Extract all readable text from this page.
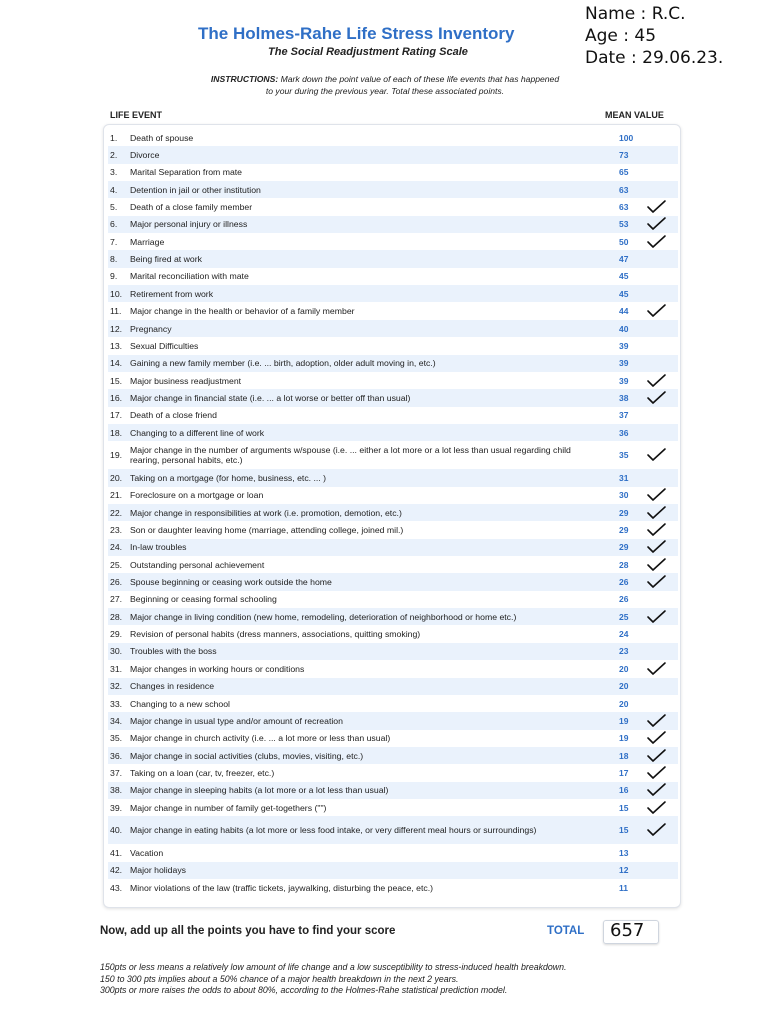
The Holmes-Rahe Life Stress Inventory
The Social Readjustment Rating Scale
INSTRUCTIONS: Mark down the point value of each of these life events that has happened
to your during the previous year. Total these associated points.
Name : R.C.
Age : 45
Date : 29.06.23.
LIFE EVENT	MEAN VALUE
1.	Death of spouse	100
2.	Divorce	73
3.	Marital Separation from mate	65
4.	Detention in jail or other institution	63
5.	Death of a close family member	63
6.	Major personal injury or illness	53
7.	Marriage	50
8.	Being fired at work	47
9.	Marital reconciliation with mate	45
10. Retirement from work	45
11. Major change in the health or behavior of a family member	44
12. Pregnancy	40
13. Sexual Difficulties	39
14. Gaining a new family member (i.e. ... birth, adoption, older adult moving in, etc.)	39
15. Major business readjustment	39
16. Major change in financial state (i.e. ... a lot worse or better off than usual)	38
17. Death of a close friend	37
18. Changing to a different line of work	36
19. Major change in the number of arguments w/spouse (i.e. ... either a lot more or a lot less than usual regarding child rearing, personal habits, etc.)	35
20. Taking on a mortgage (for home, business, etc. ... )	31
21. Foreclosure on a mortgage or loan	30
22. Major change in responsibilities at work (i.e. promotion, demotion, etc.)	29
23. Son or daughter leaving home (marriage, attending college, joined mil.)	29
24. In-law troubles	29
25. Outstanding personal achievement	28
26. Spouse beginning or ceasing work outside the home	26
27. Beginning or ceasing formal schooling	26
28. Major change in living condition (new home, remodeling, deterioration of neighborhood or home etc.)	25
29. Revision of personal habits (dress manners, associations, quitting smoking)	24
30. Troubles with the boss	23
31. Major changes in working hours or conditions	20
32. Changes in residence	20
33. Changing to a new school	20
34. Major change in usual type and/or amount of recreation	19
35. Major change in church activity (i.e. ... a lot more or less than usual)	19
36. Major change in social activities (clubs, movies, visiting, etc.)	18
37. Taking on a loan (car, tv, freezer, etc.)	17
38. Major change in sleeping habits (a lot more or a lot less than usual)	16
39. Major change in number of family get-togethers ("")	15
40. Major change in eating habits (a lot more or less food intake, or very different meal hours or surroundings)	15
41. Vacation	13
42. Major holidays	12
43. Minor violations of the law (traffic tickets, jaywalking, disturbing the peace, etc.)	11
Now, add up all the points you have to find your score	TOTAL 657
150pts or less means a relatively low amount of life change and a low susceptibility to stress-induced health breakdown.
150 to 300 pts implies about a 50% chance of a major health breakdown in the next 2 years.
300pts or more raises the odds to about 80%, according to the Holmes-Rahe statistical prediction model.
